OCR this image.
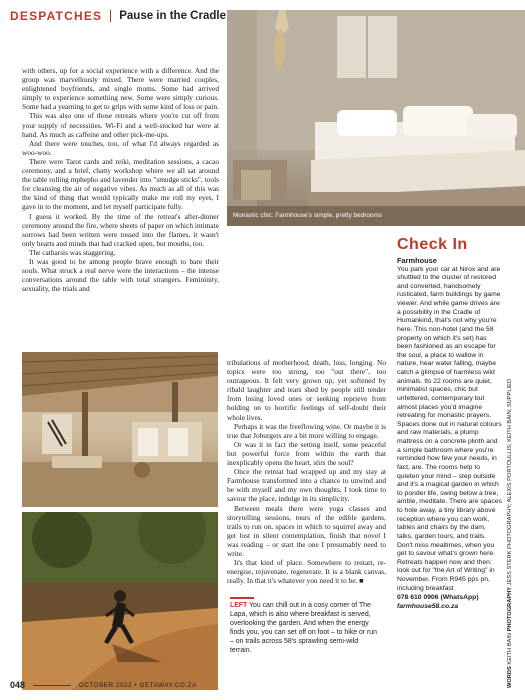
DESPATCHES Pause in the Cradle
Monastic chic: Farmhouse's simple, pretty bedrooms

with others, up for a social experience with a difference. And the group was marvellously mixed. There were married couples, enlightened boyfriends, and single moms. Some had arrived simply to experience something new. Some were simply curious. Some had a yearning to get to grips with some kind of loss or pain.

This was also one of those retreats where you're cut off from your supply of necessities. Wi-Fi and a well-stocked bar were at hand. As much as caffeine and other pick-me-ups.

And there were touches, too, of what I'd always regarded as woo-woo.

There were Tarot cards and reiki, meditation sessions, a cacao ceremony, and a brief, chatty workshop where we all sat around the table rolling mphepho and lavender into "smudge sticks", tools for cleansing the air of negative vibes. As much as all of this was the kind of thing that would typically make me roll my eyes, I gave in to the moment, and let myself participate fully.

I guess it worked. By the time of the retreat's after-dinner ceremony around the fire, where sheets of paper on which intimate sorrows had been written were tossed into the flames, it wasn't only hearts and minds that had cracked open, but mouths, too.

The catharsis was staggering.

It was good to be among people brave enough to bare their souls. What struck a real nerve were the interactions – the intense conversations around the table with total strangers. Femininity, sexuality, the trials and

tribulations of motherhood, death, loss, longing. No topics were too strong, too "out there", too outrageous. It felt very grown up, yet softened by ribald laughter and tears shed by people still tender from losing loved ones or seeking reprieve from holding on to horrific feelings of self-doubt their whole lives.

Perhaps it was the freeflowing wine. Or maybe it is true that Joburgers are a bit more willing to engage.

Or was it in fact the setting itself, some peaceful but powerful force from within the earth that inexplicably opens the heart, stirs the soul?

Once the retreat had wrapped up and my stay at Farmhouse transformed into a chance to unwind and be with myself and my own thoughts, I took time to savour the place, indulge in its simplicity.

Between meals there were yoga classes and storytelling sessions, tours of the edible gardens, trails to run on, spaces in which to squirrel away and get lost in silent contemplation, finish that novel I was reading – or start the one I presumably need to write.

It's that kind of place. Somewhere to restart, re-energise, rejuvenate, regenerate. It is a blank canvas, really. In that it's whatever you need it to be. ■

LEFT You can chill out in a cosy corner of The Lapa, which is also where breakfast is served, overlooking the garden. And when the energy finds you, you can set off on foot – to hike or run – on trails across 58's sprawling semi-wild terrain.
Check In
Farmhouse
You park your car at Nirox and are shuttled to the cluster of restored and converted, handsomely rusticated, farm buildings by game viewer. And while game drives are a possibility in the Cradle of Humankind, that's not why you're here. This non-hotel (and the 58 property on which it's set) has been fashioned as an escape for the soul, a place to wallow in nature, hear water falling, maybe catch a glimpse of harmless wild animals. Its 22 rooms are quiet, minimalist spaces, chic but unfettered, contemporary but almost places you'd imagine retreating for monastic prayers. Spaces done out in natural colours and raw materials, a plump mattress on a concrete plinth and a simple bathroom where you're reminded how few your needs, in fact, are. The rooms help to quieten your mind – step outside and it's a magical garden in which to ponder life, swing below a tree, amble, meditate. There are spaces to hole away, a tiny library above reception where you can work, tables and chairs by the dam, talks, garden tours, and trails. Don't miss mealtimes, when you get to savour what's grown here. Retreats happen now and then; look out for "the Art of Writing" in November. From R945 pps pn, including breakfast
078 610 0906 (WhatsApp)
farmhouse58.co.za
WORDS KEITH BAIN PHOTOGRAPHY JESS STERK PHOTOGRAPHY; ALEXIS PORTOULLIS; KEITH BAIN; SUPPLIED
048	OCTOBER 2022 • GETAWAY.CO.ZA
